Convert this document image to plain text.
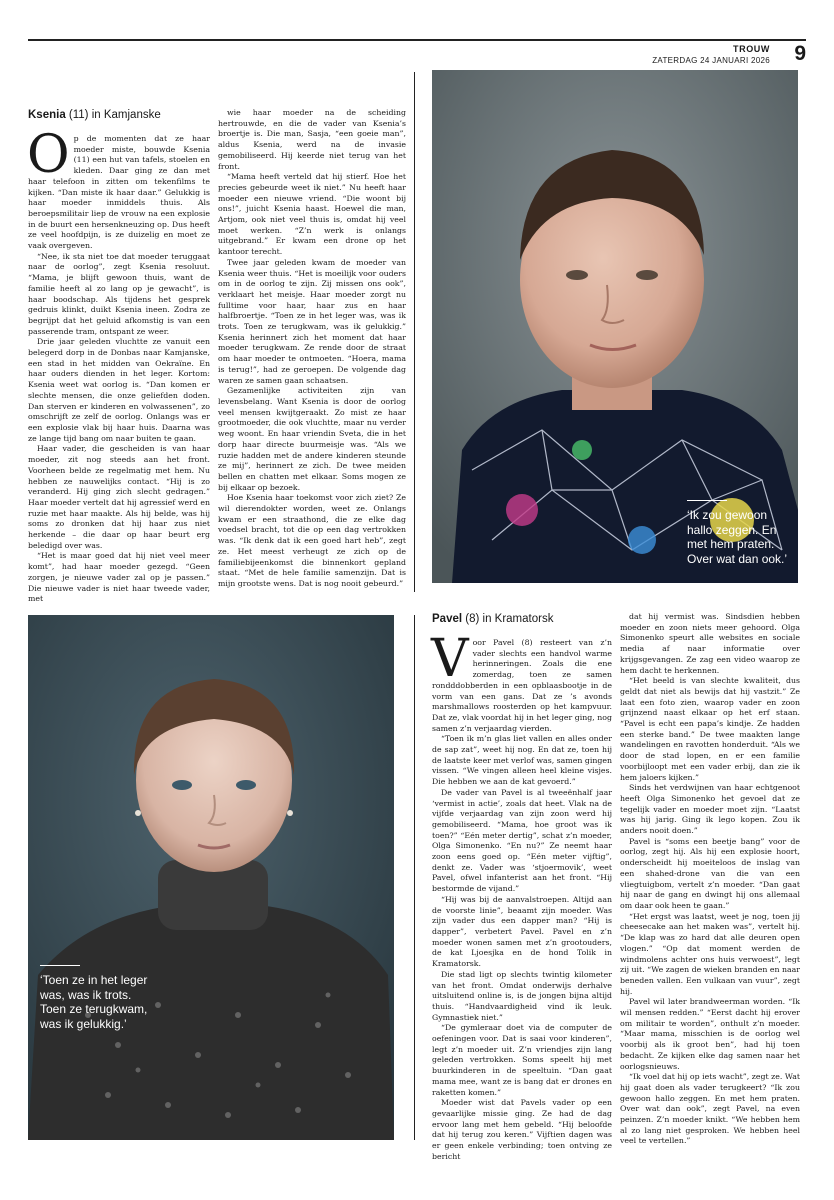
TROUW
ZATERDAG 24 JANUARI 2026 9
Ksenia (11) in Kamjanske
O p de momenten dat ze haar moeder miste, bouwde Ksenia (11) een hut van tafels, stoelen en kleden. Daar ging ze dan met haar telefoon in zitten om tekenfilms te kijken. “Dan miste ik haar daar.” Gelukkig is haar moeder inmiddels thuis. Als beroepsmilitair liep de vrouw na een explosie in de buurt een hersenkneuzing op. Dus heeft ze veel hoofdpijn, is ze duizelig en moet ze vaak overgeven.

“Nee, ik sta niet toe dat moeder teruggaat naar de oorlog”, zegt Ksenia resoluut. “Mama, je blijft gewoon thuis, want de familie heeft al zo lang op je gewacht”, is haar boodschap. Als tijdens het gesprek gedruis klinkt, duikt Ksenia ineen. Zodra ze begrijpt dat het geluid afkomstig is van een passerende tram, ontspant ze weer.

Drie jaar geleden vluchtte ze vanuit een belegerd dorp in de Donbas naar Kamjanske, een stad in het midden van Oekraïne. En haar ouders dienden in het leger. Kortom: Ksenia weet wat oorlog is. “Dan komen er slechte mensen, die onze geliefden doden. Dan sterven er kinderen en volwassenen”, zo omschrijft ze zelf de oorlog. Onlangs was er een explosie vlak bij haar huis. Daarna was ze lange tijd bang om naar buiten te gaan.

Haar vader, die gescheiden is van haar moeder, zit nog steeds aan het front. Voorheen belde ze regelmatig met hem. Nu hebben ze nauwelijks contact. “Hij is zo veranderd. Hij ging zich slecht gedragen.” Haar moeder vertelt dat hij agressief werd en ruzie met haar maakte. Als hij belde, was hij soms zo dronken dat hij haar zus niet herkende – die daar op haar beurt erg beledigd over was.

“Het is maar goed dat hij niet veel meer komt”, had haar moeder gezegd. “Geen zorgen, je nieuwe vader zal op je passen.” Die nieuwe vader is niet haar tweede vader, met

wie haar moeder na de scheiding hertrouwde, en die de vader van Ksenia’s broertje is. Die man, Sasja, “een goeie man”, aldus Ksenia, werd na de invasie gemobiliseerd. Hij keerde niet terug van het front.

“Mama heeft verteld dat hij stierf. Hoe het precies gebeurde weet ik niet.” Nu heeft haar moeder een nieuwe vriend. “Die woont bij ons!”, juicht Ksenia haast. Hoewel die man, Artjom, ook niet veel thuis is, omdat hij veel moet werken. “Z’n werk is onlangs uitgebrand.” Er kwam een drone op het kantoor terecht.

Twee jaar geleden kwam de moeder van Ksenia weer thuis. “Het is moeilijk voor ouders om in de oorlog te zijn. Zij missen ons ook”, verklaart het meisje. Haar moeder zorgt nu fulltime voor haar, haar zus en haar halfbroertje. “Toen ze in het leger was, was ik trots. Toen ze terugkwam, was ik gelukkig.” Ksenia herinnert zich het moment dat haar moeder terugkwam. Ze rende door de straat om haar moeder te ontmoeten. “Hoera, mama is terug!”, had ze geroepen. De volgende dag waren ze samen gaan schaatsen.

Gezamenlijke activiteiten zijn van levensbelang. Want Ksenia is door de oorlog veel mensen kwijtgeraakt. Zo mist ze haar grootmoeder, die ook vluchtte, maar nu verder weg woont. En haar vriendin Sveta, die in het dorp haar directe buurmeisje was. “Als we ruzie hadden met de andere kinderen steunde ze mij”, herinnert ze zich. De twee meiden bellen en chatten met elkaar. Soms mogen ze bij elkaar op bezoek.

Hoe Ksenia haar toekomst voor zich ziet? Ze wil dierendokter worden, weet ze. Onlangs kwam er een straathond, die ze elke dag voedsel bracht, tot die op een dag vertrokken was. “Ik denk dat ik een goed hart heb”, zegt ze. Het meest verheugt ze zich op de familiebijeenkomst die binnenkort gepland staat. “Met de hele familie samenzijn. Dat is mijn grootste wens. Dat is nog nooit gebeurd.”

‘Ik zou gewoon hallo zeggen. En met hem praten. Over wat dan ook.’
‘Toen ze in het leger was, was ik trots. Toen ze terugkwam, was ik gelukkig.’
Pavel (8) in Kramatorsk
V oor Pavel (8) resteert van z’n vader slechts een handvol warme herinneringen. Zoals die ene zomerdag, toen ze samen rondddobberden in een opblaasbootje in de vorm van een gans. Dat ze ’s avonds marshmallows roosterden op het kampvuur. Dat ze, vlak voordat hij in het leger ging, nog samen z’n verjaardag vierden.

“Toen ik m’n glas liet vallen en alles onder de sap zat”, weet hij nog. En dat ze, toen hij de laatste keer met verlof was, samen gingen vissen. “We vingen alleen heel kleine visjes. Die hebben we aan de kat gevoerd.”

De vader van Pavel is al tweeënhalf jaar ‘vermist in actie’, zoals dat heet. Vlak na de vijfde verjaardag van zijn zoon werd hij gemobiliseerd. “Mama, hoe groot was ik toen?” “Eén meter dertig”, schat z’n moeder, Olga Simonenko. “En nu?” Ze neemt haar zoon eens goed op. “Eén meter vijftig”, denkt ze. Vader was ‘stjoermovik’, weet Pavel, ofwel infanterist aan het front. “Hij bestormde de vijand.”

“Hij was bij de aanvalstroepen. Altijd aan de voorste linie”, beaamt zijn moeder. Was zijn vader dus een dapper man? “Hij is dapper”, verbetert Pavel. Pavel en z’n moeder wonen samen met z’n grootouders, de kat Ljoesjka en de hond Tolik in Kramatorsk.

Die stad ligt op slechts twintig kilometer van het front. Omdat onderwijs derhalve uitsluitend online is, is de jongen bijna altijd thuis. “Handvaardigheid vind ik leuk. Gymnastiek niet.”

“De gymleraar doet via de computer de oefeningen voor. Dat is saai voor kinderen”, legt z’n moeder uit. Z’n vriendjes zijn lang geleden vertrokken. Soms speelt hij met buurkinderen in de speeltuin. “Dan gaat mama mee, want ze is bang dat er drones en raketten komen.”

Moeder wist dat Pavels vader op een gevaarlijke missie ging. Ze had de dag ervoor lang met hem gebeld. “Hij beloofde dat hij terug zou keren.” Vijftien dagen was er geen enkele verbinding; toen ontving ze bericht

dat hij vermist was. Sindsdien hebben moeder en zoon niets meer gehoord. Olga Simonenko speurt alle websites en sociale media af naar informatie over krijgsgevangen. Ze zag een video waarop ze hem dacht te herkennen.

“Het beeld is van slechte kwaliteit, dus geldt dat niet als bewijs dat hij vastzit.” Ze laat een foto zien, waarop vader en zoon grijnzend naast elkaar op het erf staan. “Pavel is echt een papa’s kindje. Ze hadden een sterke band.” De twee maakten lange wandelingen en ravotten honderduit. “Als we door de stad lopen, en er een familie voorbijloopt met een vader erbij, dan zie ik hem jaloers kijken.”

Sinds het verdwijnen van haar echtgenoot heeft Olga Simonenko het gevoel dat ze tegelijk vader en moeder moet zijn. “Laatst was hij jarig. Ging ik lego kopen. Zou ik anders nooit doen.”

Pavel is “soms een beetje bang” voor de oorlog, zegt hij. Als hij een explosie hoort, onderscheidt hij moeiteloos de inslag van een shahed-drone van die van een vliegtuigbom, vertelt z’n moeder. “Dan gaat hij naar de gang en dwingt hij ons allemaal om daar ook heen te gaan.”

“Het ergst was laatst, weet je nog, toen jij cheesecake aan het maken was”, vertelt hij. “De klap was zo hard dat alle deuren open vlogen.” “Op dat moment werden de windmolens achter ons huis verwoest”, legt zij uit. “We zagen de wieken branden en naar beneden vallen. Een vulkaan van vuur”, zegt hij.

Pavel wil later brandweerman worden. “Ik wil mensen redden.” “Eerst dacht hij erover om militair te worden”, onthult z’n moeder. “Maar mama, misschien is de oorlog wel voorbij als ik groot ben”, had hij toen bedacht. Ze kijken elke dag samen naar het oorlogsnieuws.

“Ik voel dat hij op iets wacht”, zegt ze. Wat hij gaat doen als vader terugkeert? “Ik zou gewoon hallo zeggen. En met hem praten. Over wat dan ook”, zegt Pavel, na even peinzen. Z’n moeder knikt. “We hebben hem al zo lang niet gesproken. We hebben heel veel te vertellen.”
